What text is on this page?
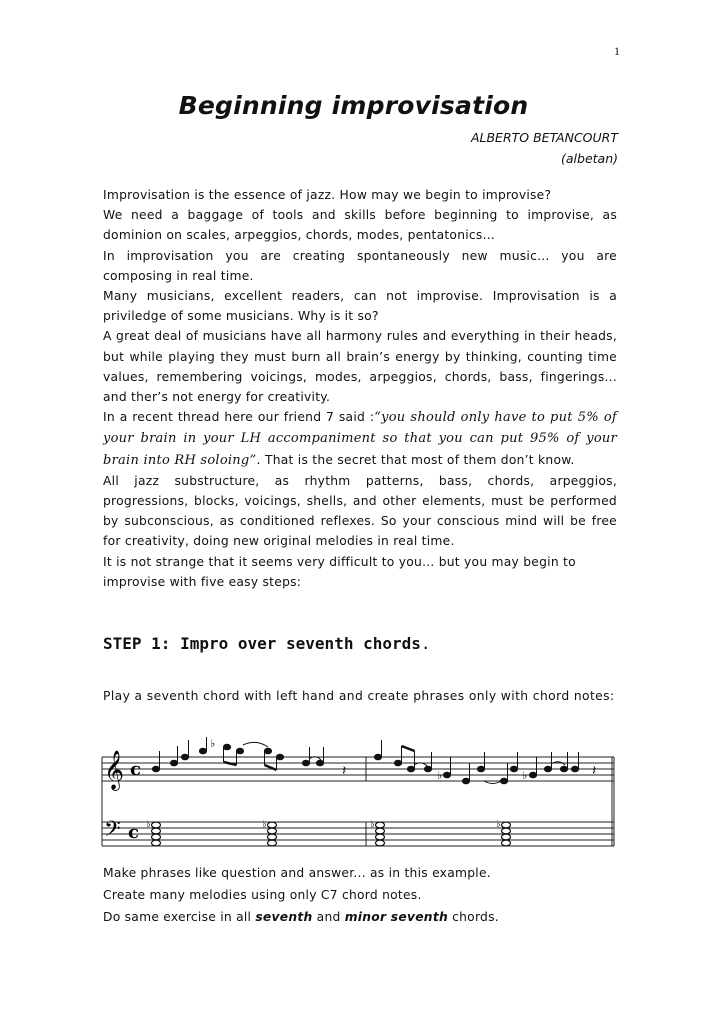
1
Beginning improvisation
ALBERTO BETANCOURT
(albetan)

Improvisation is the essence of jazz. How may we begin to improvise?

We need a baggage of tools and skills before beginning to improvise, as dominion on scales, arpeggios, chords, modes, pentatonics...

In improvisation you are creating spontaneously new music... you are composing in real time.

Many musicians, excellent readers, can not improvise. Improvisation is a priviledge of some musicians. Why is it so?

A great deal of musicians have all harmony rules and everything in their heads, but while playing they must burn all brain’s energy by thinking, counting time values, remembering voicings, modes, arpeggios, chords, bass, fingerings... and ther’s not energy for creativity.

In a recent thread here our friend 7 said :“you should only have to put 5% of your brain in your LH accompaniment so that you can put 95% of your brain into RH soloing”. That is the secret that most of them don’t know.

All jazz substructure, as rhythm patterns, bass, chords, arpeggios, progressions, blocks, voicings, shells, and other elements, must be performed by subconscious, as conditioned reflexes. So your conscious mind will be free for creativity, doing new original melodies in real time.

It is not strange that it seems very difficult to you... but you may begin to improvise with five easy steps:

STEP 1: Impro over seventh chords.
Play a seventh chord with left hand and create phrases only with chord notes:
𝄞
𝄢
c
c
♭
𝄽	♭	♭	𝄽
♭	♭	♭	♭

Make phrases like question and answer... as in this example.

Create many melodies using only C7 chord notes.

Do same exercise in all seventh and minor seventh chords.
